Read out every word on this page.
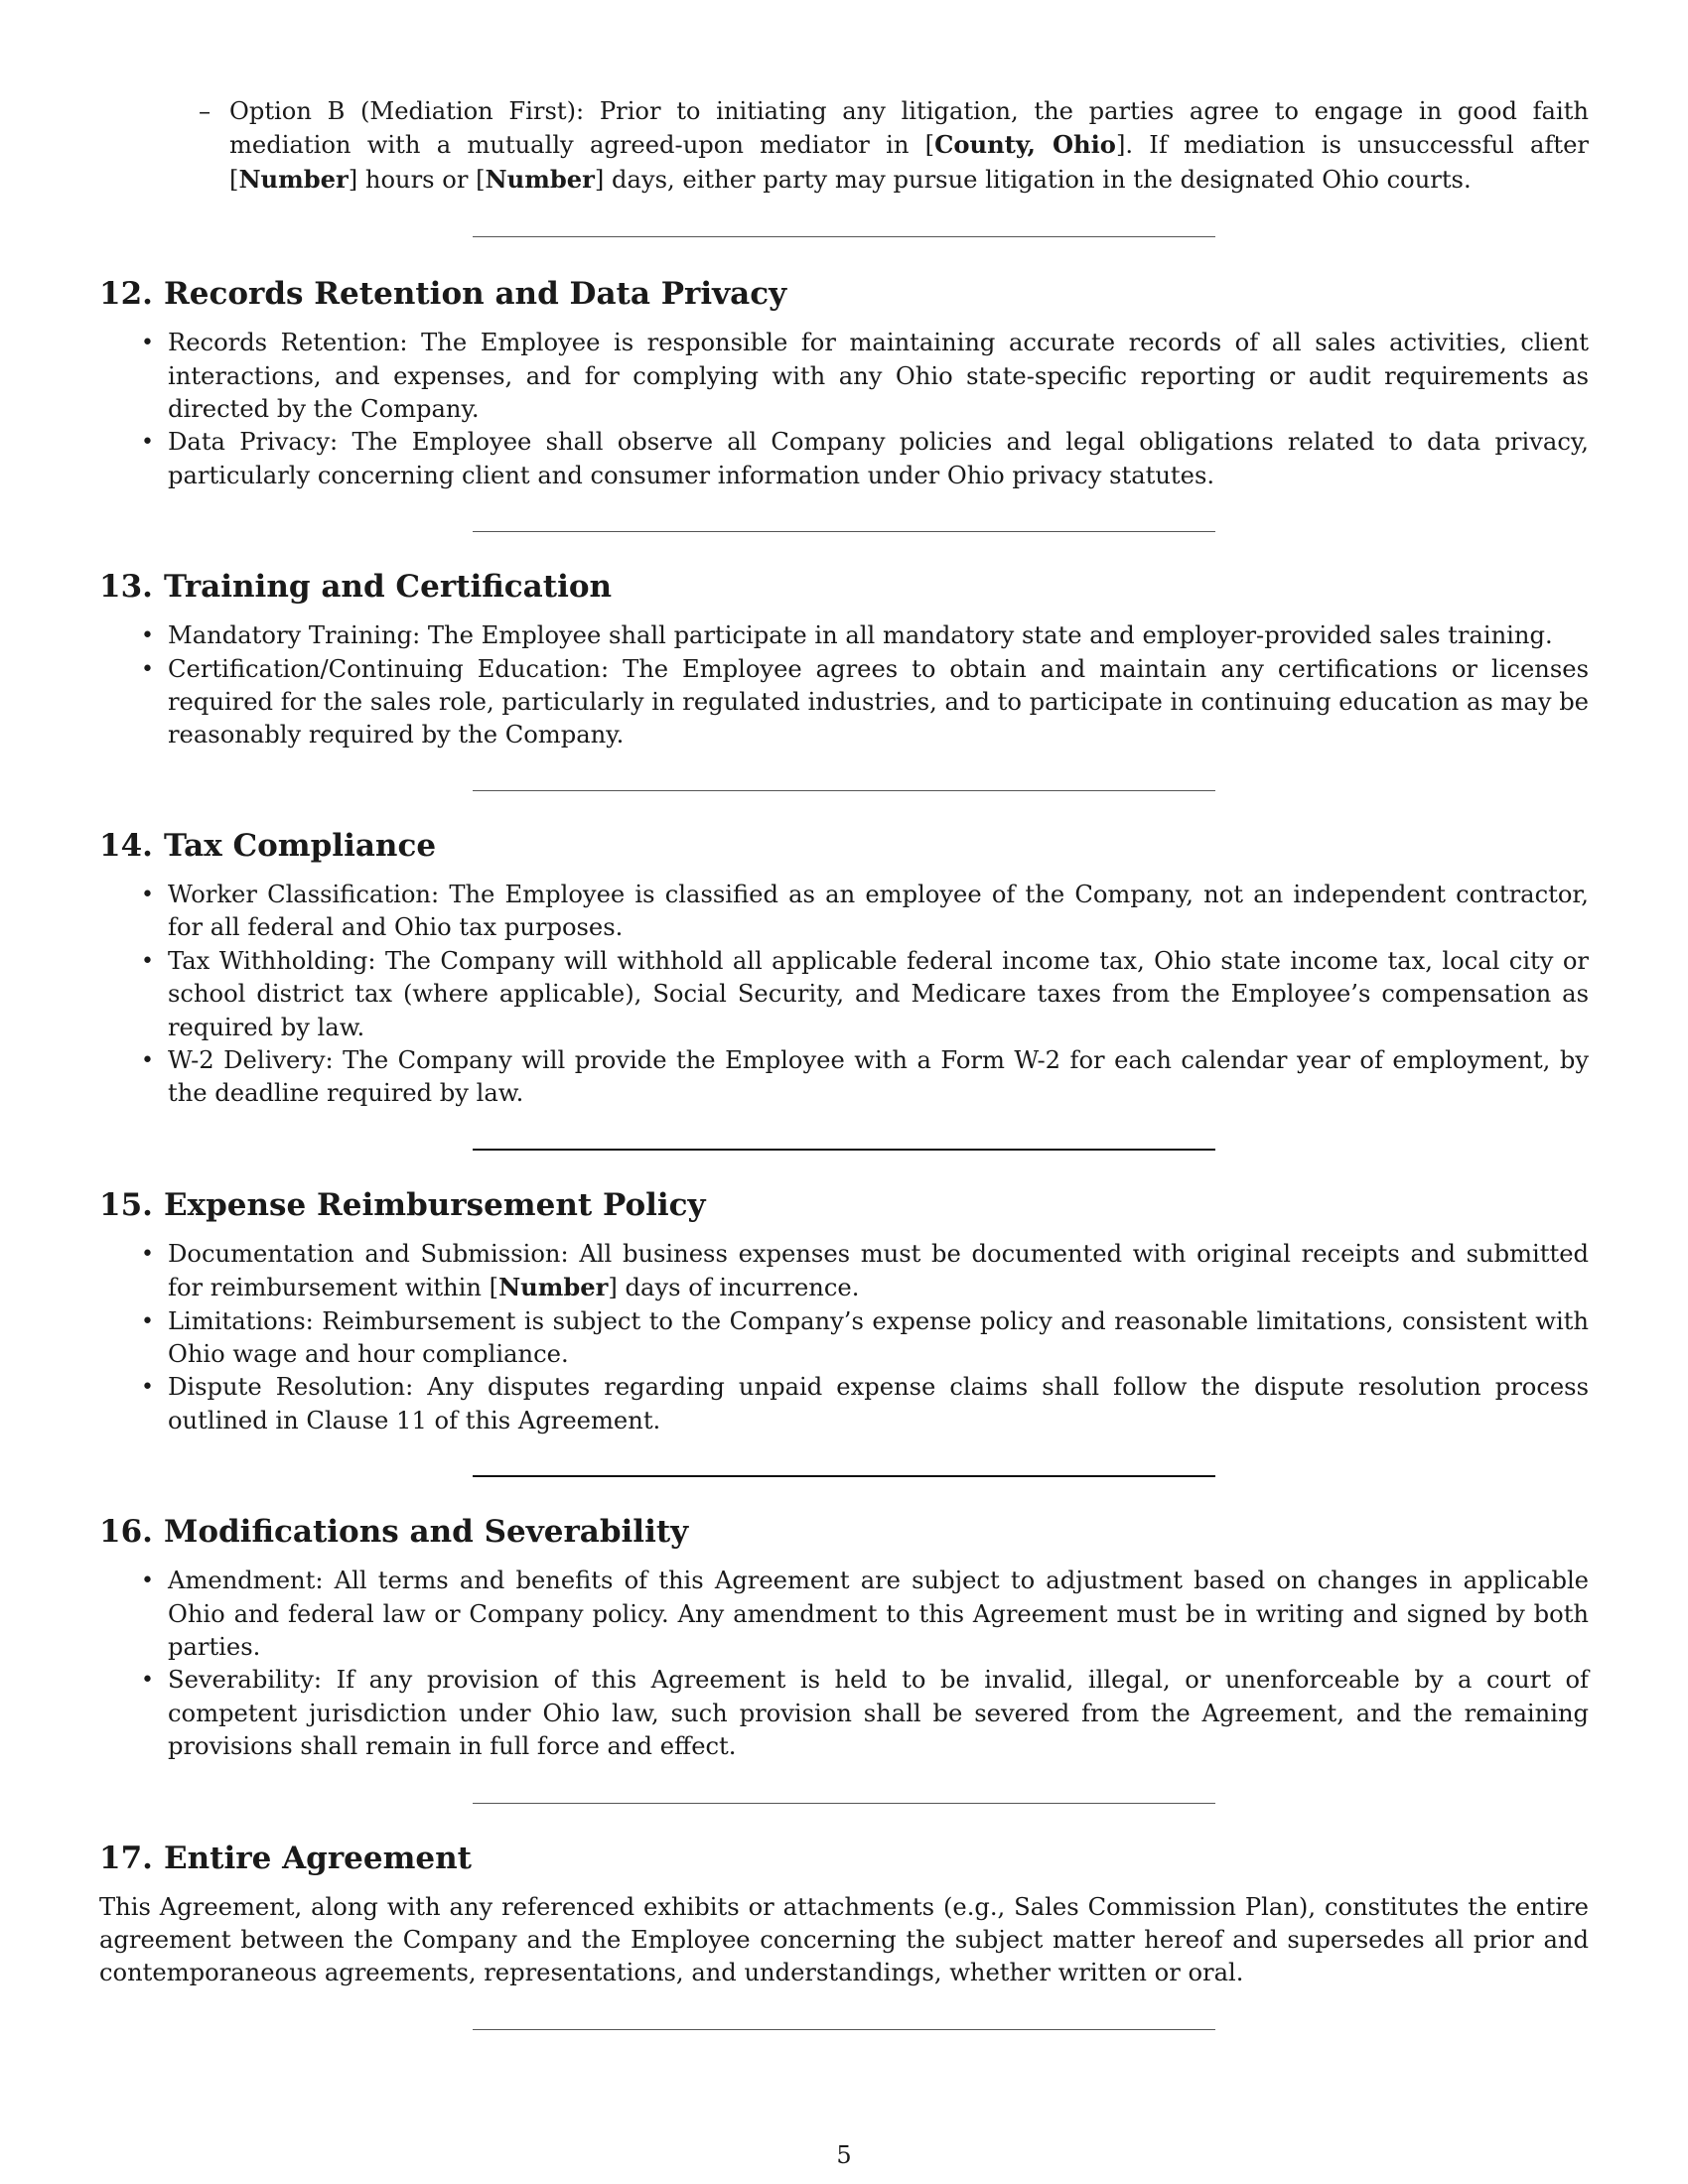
– Option B (Mediation First): Prior to initiating any litigation, the parties agree to engage in good faith mediation with a mutually agreed-upon mediator in [County, Ohio]. If mediation is unsuccessful after [Number] hours or [Number] days, either party may pursue litigation in the designated Ohio courts.

12. Records Retention and Data Privacy
• Records Retention: The Employee is responsible for maintaining accurate records of all sales activities, client interactions, and expenses, and for complying with any Ohio state-specific reporting or audit requirements as directed by the Company.
• Data Privacy: The Employee shall observe all Company policies and legal obligations related to data privacy, particularly concerning client and consumer information under Ohio privacy statutes.
13. Training and Certification
• Mandatory Training: The Employee shall participate in all mandatory state and employer-provided sales training.
• Certification/Continuing Education: The Employee agrees to obtain and maintain any certifications or licenses required for the sales role, particularly in regulated industries, and to participate in continuing education as may be reasonably required by the Company.
14. Tax Compliance
• Worker Classification: The Employee is classified as an employee of the Company, not an independent contractor, for all federal and Ohio tax purposes.
• Tax Withholding: The Company will withhold all applicable federal income tax, Ohio state income tax, local city or school district tax (where applicable), Social Security, and Medicare taxes from the Employee’s compensation as required by law.
• W-2 Delivery: The Company will provide the Employee with a Form W-2 for each calendar year of employment, by the deadline required by law.
15. Expense Reimbursement Policy
• Documentation and Submission: All business expenses must be documented with original receipts and submitted for reimbursement within [Number] days of incurrence.
• Limitations: Reimbursement is subject to the Company’s expense policy and reasonable limitations, consistent with Ohio wage and hour compliance.
• Dispute Resolution: Any disputes regarding unpaid expense claims shall follow the dispute resolution process outlined in Clause 11 of this Agreement.
16. Modifications and Severability
• Amendment: All terms and benefits of this Agreement are subject to adjustment based on changes in applicable Ohio and federal law or Company policy. Any amendment to this Agreement must be in writing and signed by both parties.
• Severability: If any provision of this Agreement is held to be invalid, illegal, or unenforceable by a court of competent jurisdiction under Ohio law, such provision shall be severed from the Agreement, and the remaining provisions shall remain in full force and effect.
17. Entire Agreement

This Agreement, along with any referenced exhibits or attachments (e.g., Sales Commission Plan), constitutes the entire agreement between the Company and the Employee concerning the subject matter hereof and supersedes all prior and contemporaneous agreements, representations, and understandings, whether written or oral.

5
